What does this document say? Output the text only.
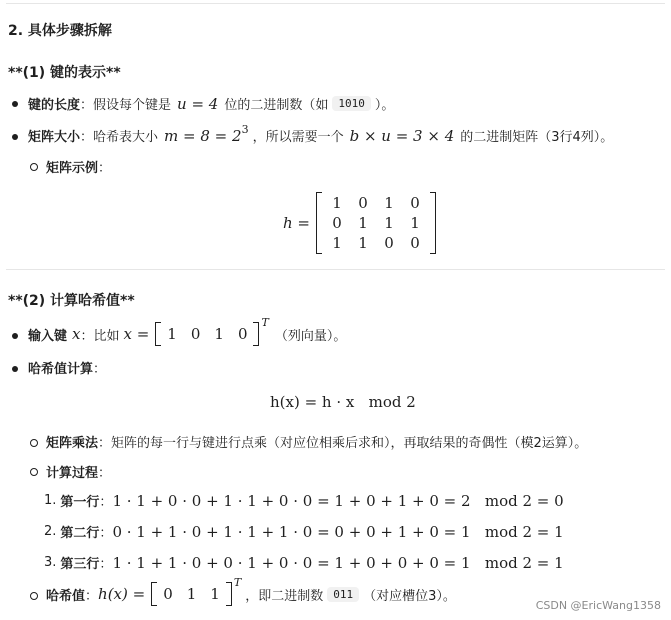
2. 具体步骤拆解
**(1) 键的表示**
键的长度 ：假设每个键是 u = 4 位的二进制数（如 1010 ）。
矩阵大小 ：哈希表大小 $m = 8 = 2^3$
，所以需要一个 b × u = 3 × 4 的二进制矩阵（3行4列）。
矩阵示例 ：
h =
1	0	1	0
0	1	1	1
1	1	0	0
**(2) 计算哈希值**
输入键 x ：比如 x = 1 0 1 0
$^T$
（列向量）。
哈希值计算 ：
h(x) = h · x   mod 2
矩阵乘法 ：矩阵的每一行与键进行点乘（对应位相乘后求和），再取结果的奇偶性（模2运算）。
计算过程 ：
1. 第一行 ： 1 · 1 + 0 · 0 + 1 · 1 + 0 · 0 = 1 + 0 + 1 + 0 = 2   mod 2 = 0
2. 第二行 ： 0 · 1 + 1 · 0 + 1 · 1 + 1 · 0 = 0 + 0 + 1 + 0 = 1   mod 2 = 1
3. 第三行 ： 1 · 1 + 1 · 0 + 0 · 1 + 0 · 0 = 1 + 0 + 0 + 0 = 1   mod 2 = 1
哈希值 ： h(x) = 0 1 1
$^T$
，即二进制数 011 （对应槽位3）。
CSDN @EricWang1358
